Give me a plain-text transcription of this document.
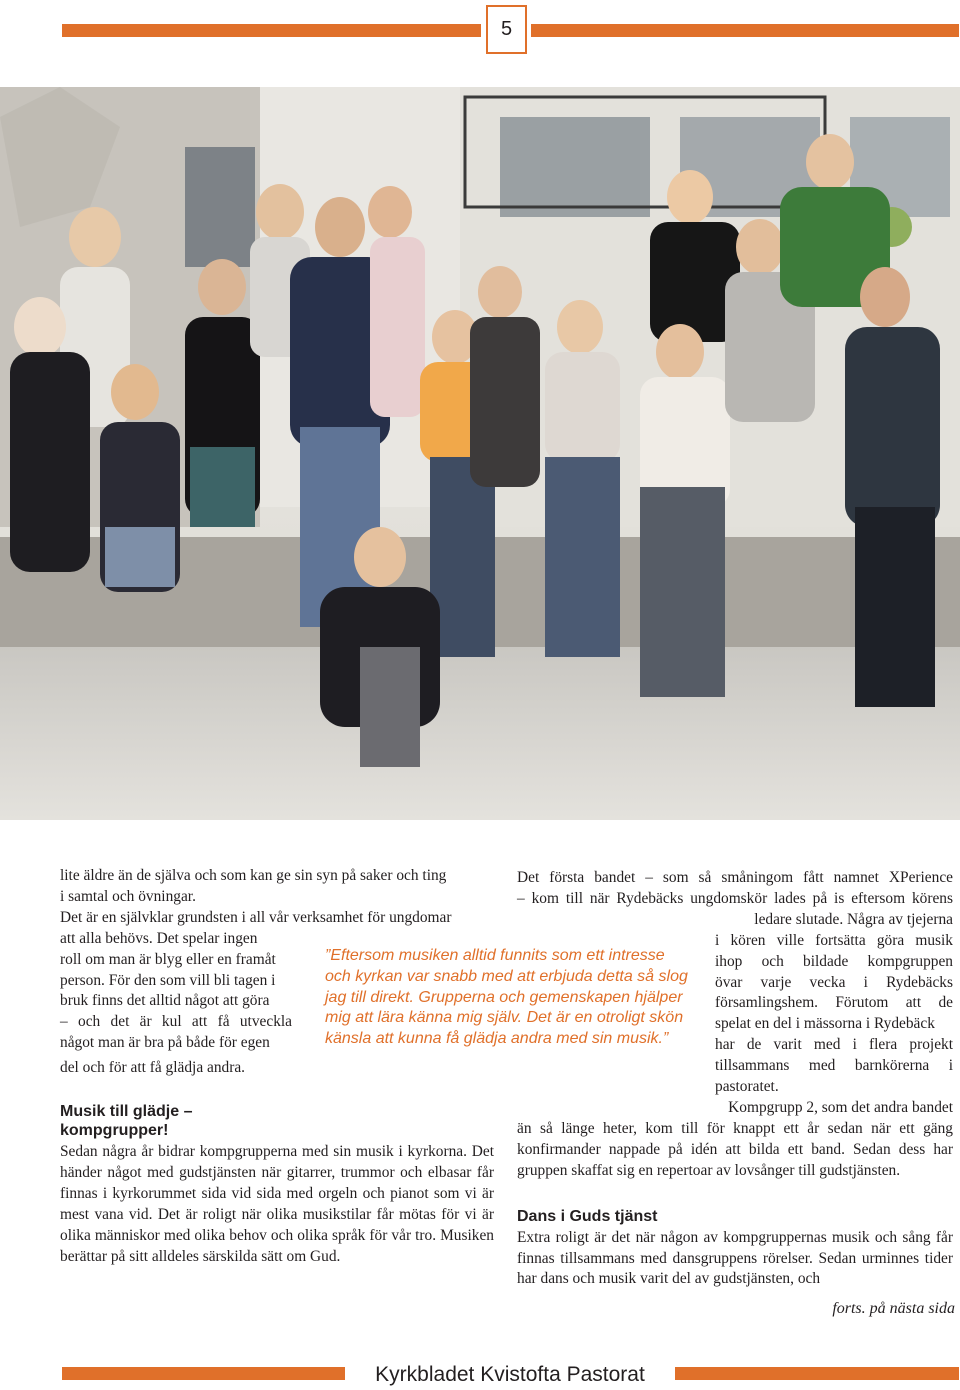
5
lite äldre än de själva och som kan ge sin syn på saker och ting
i samtal och övningar.
Det är en självklar grundsten i all vår verksamhet för ungdomar
att alla behövs. Det spelar ingen
roll om man är blyg eller en framåt
person. För den som vill bli tagen i
bruk finns det alltid något att göra
– och det är kul att få utveckla
något man är bra på både för egen
del och för att få glädja andra.

Musik till glädje –
kompgrupper!

Sedan några år bidrar kompgrupperna med sin musik i kyrkorna. Det händer något med gudstjänsten när gitarrer, trummor och elbasar får finnas i kyrkorummet sida vid sida med orgeln och pianot som vi är mest vana vid. Det är roligt när olika musikstilar får mötas för vi är olika människor med olika behov och olika språk för vår tro. Musiken berättar på sitt alldeles särskilda sätt om Gud.

”Eftersom musiken alltid funnits som ett intresse och kyrkan var snabb med att erbjuda detta så slog jag till direkt. Grupperna och gemenskapen hjälper mig att lära känna mig själv. Det är en otroligt skön känsla att kunna få glädja andra med sin musik.”
Det första bandet – som så småningom fått namnet XPerience
– kom till när Rydebäcks ungdomskör lades på is eftersom körens
ledare slutade. Några av tjejerna
i kören ville fortsätta göra musik
ihop och bildade kompgruppen
övar varje vecka i Rydebäcks
församlingshem. Förutom att de
spelat en del i mässorna i Rydebäck
har de varit med i flera projekt
tillsammans med barnkörerna i
pastoratet.
Kompgrupp 2, som det andra bandet

än så länge heter, kom till för knappt ett år sedan när ett gäng konfirmander nappade på idén att bilda ett band. Sedan dess har gruppen skaffat sig en repertoar av lovsånger till gudstjänsten.

Dans i Guds tjänst

Extra roligt är det när någon av kompgruppernas musik och sång får finnas tillsammans med dansgruppens rörelser. Sedan urminnes tider har dans och musik varit del av gudstjänsten, och

forts. på nästa sida
Kyrkbladet Kvistofta Pastorat
